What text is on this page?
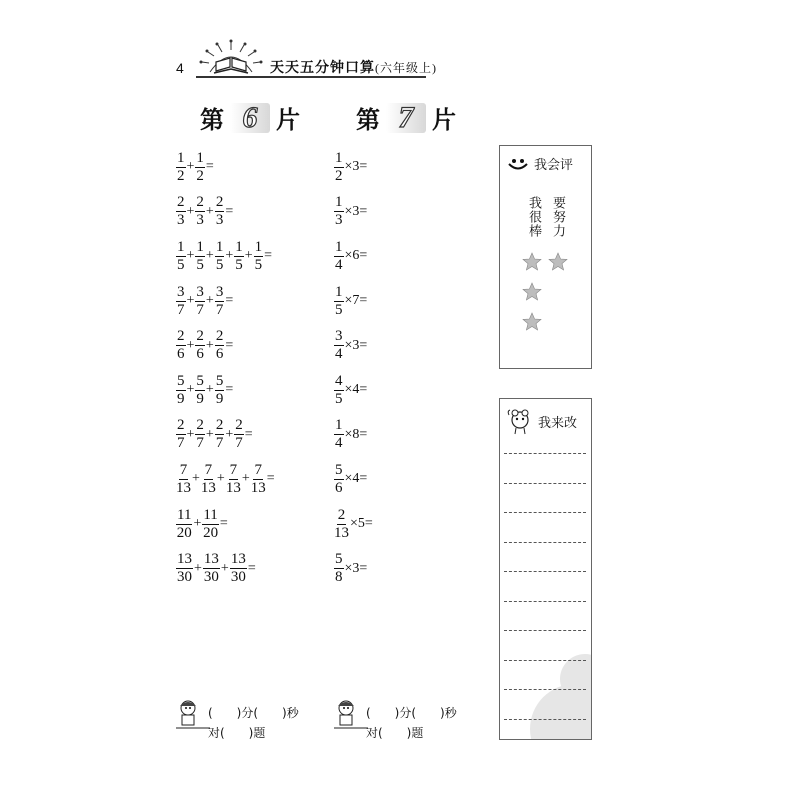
4	天天五分钟口算(六年级上)
第 6 片 第 7 片
$\frac{1}{2} + \frac{1}{2}$ =
$\frac{2}{3} + \frac{2}{3} + \frac{2}{3}$ =
$\frac{1}{5} + \frac{1}{5} + \frac{1}{5} + \frac{1}{5} + \frac{1}{5}$ =
$\frac{3}{7} + \frac{3}{7} + \frac{3}{7}$ =
$\frac{2}{6} + \frac{2}{6} + \frac{2}{6}$ =
$\frac{5}{9} + \frac{5}{9} + \frac{5}{9}$ =
$\frac{2}{7} + \frac{2}{7} + \frac{2}{7} + \frac{2}{7}$ =
$\frac{7}{13} + \frac{7}{13} + \frac{7}{13} + \frac{7}{13}$ =
$\frac{11}{20} + \frac{11}{20}$ =
$\frac{13}{30} + \frac{13}{30} + \frac{13}{30}$ =
$\frac{1}{2} \times 3=$
$\frac{1}{3} \times 3=$
$\frac{1}{4} \times 6=$
$\frac{1}{5} \times 7=$
$\frac{3}{4} \times 3=$
$\frac{4}{5} \times 4=$
$\frac{1}{4} \times 8=$
$\frac{5}{6} \times 4=$
$\frac{2}{13} \times 5=$
$\frac{5}{8} \times 3=$
我会评
我很棒 要努力
我来改
(　　)分(　　)秒
对(　　)题
(　　)分(　　)秒
对(　　)题
